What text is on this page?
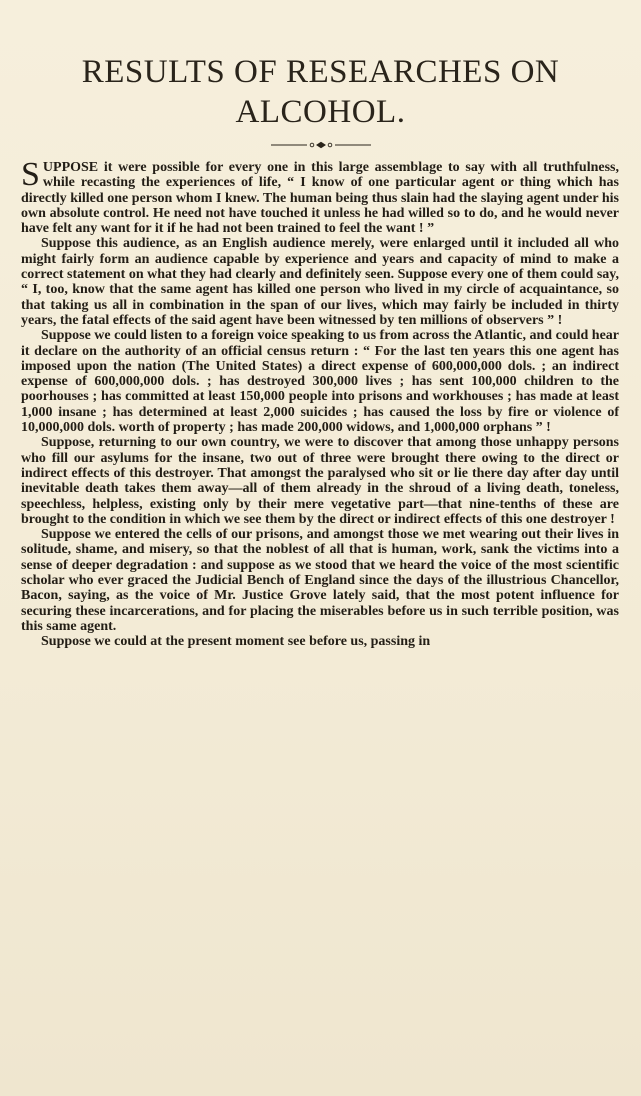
RESULTS OF RESEARCHES ON
ALCOHOL.

SUPPOSE it were possible for every one in this large assemblage to say with all truthfulness, while recasting the experiences of life, “ I know of one particular agent or thing which has directly killed one person whom I knew. The human being thus slain had the slaying agent under his own absolute control. He need not have touched it unless he had willed so to do, and he would never have felt any want for it if he had not been trained to feel the want ! ”

Suppose this audience, as an English audience merely, were enlarged until it included all who might fairly form an audience capable by experience and years and capacity of mind to make a correct statement on what they had clearly and definitely seen. Suppose every one of them could say, “ I, too, know that the same agent has killed one person who lived in my circle of acquaintance, so that taking us all in combination in the span of our lives, which may fairly be included in thirty years, the fatal effects of the said agent have been witnessed by ten millions of observers ” !

Suppose we could listen to a foreign voice speaking to us from across the Atlantic, and could hear it declare on the authority of an official census return : “ For the last ten years this one agent has imposed upon the nation (The United States) a direct expense of 600,000,000 dols. ; an indirect expense of 600,000,000 dols. ; has destroyed 300,000 lives ; has sent 100,000 children to the poorhouses ; has committed at least 150,000 people into prisons and workhouses ; has made at least 1,000 insane ; has determined at least 2,000 suicides ; has caused the loss by fire or violence of 10,000,000 dols. worth of property ; has made 200,000 widows, and 1,000,000 orphans ” !

Suppose, returning to our own country, we were to discover that among those unhappy persons who fill our asylums for the insane, two out of three were brought there owing to the direct or indirect effects of this destroyer. That amongst the paralysed who sit or lie there day after day until inevitable death takes them away—all of them already in the shroud of a living death, toneless, speechless, helpless, existing only by their mere vegetative part—that nine-tenths of these are brought to the condition in which we see them by the direct or indirect effects of this one destroyer !

Suppose we entered the cells of our prisons, and amongst those we met wearing out their lives in solitude, shame, and misery, so that the noblest of all that is human, work, sank the victims into a sense of deeper degradation : and suppose as we stood that we heard the voice of the most scientific scholar who ever graced the Judicial Bench of England since the days of the illustrious Chancellor, Bacon, saying, as the voice of Mr. Justice Grove lately said, that the most potent influence for securing these incarcerations, and for placing the miserables before us in such terrible position, was this same agent.

Suppose we could at the present moment see before us, passing in
